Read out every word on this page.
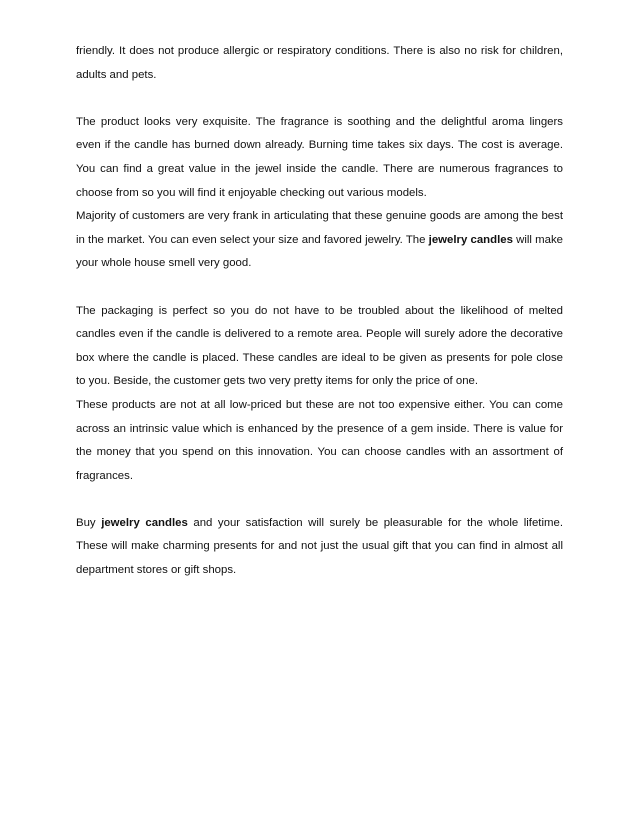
friendly. It does not produce allergic or respiratory conditions. There is also no risk for children, adults and pets.

The product looks very exquisite. The fragrance is soothing and the delightful aroma lingers even if the candle has burned down already. Burning time takes six days. The cost is average. You can find a great value in the jewel inside the candle. There are numerous fragrances to choose from so you will find it enjoyable checking out various models.

Majority of customers are very frank in articulating that these genuine goods are among the best in the market. You can even select your size and favored jewelry. The jewelry candles will make your whole house smell very good.

The packaging is perfect so you do not have to be troubled about the likelihood of melted candles even if the candle is delivered to a remote area. People will surely adore the decorative box where the candle is placed. These candles are ideal to be given as presents for pole close to you. Beside, the customer gets two very pretty items for only the price of one.

These products are not at all low-priced but these are not too expensive either. You can come across an intrinsic value which is enhanced by the presence of a gem inside. There is value for the money that you spend on this innovation. You can choose candles with an assortment of fragrances.

Buy jewelry candles and your satisfaction will surely be pleasurable for the whole lifetime. These will make charming presents for and not just the usual gift that you can find in almost all department stores or gift shops.
